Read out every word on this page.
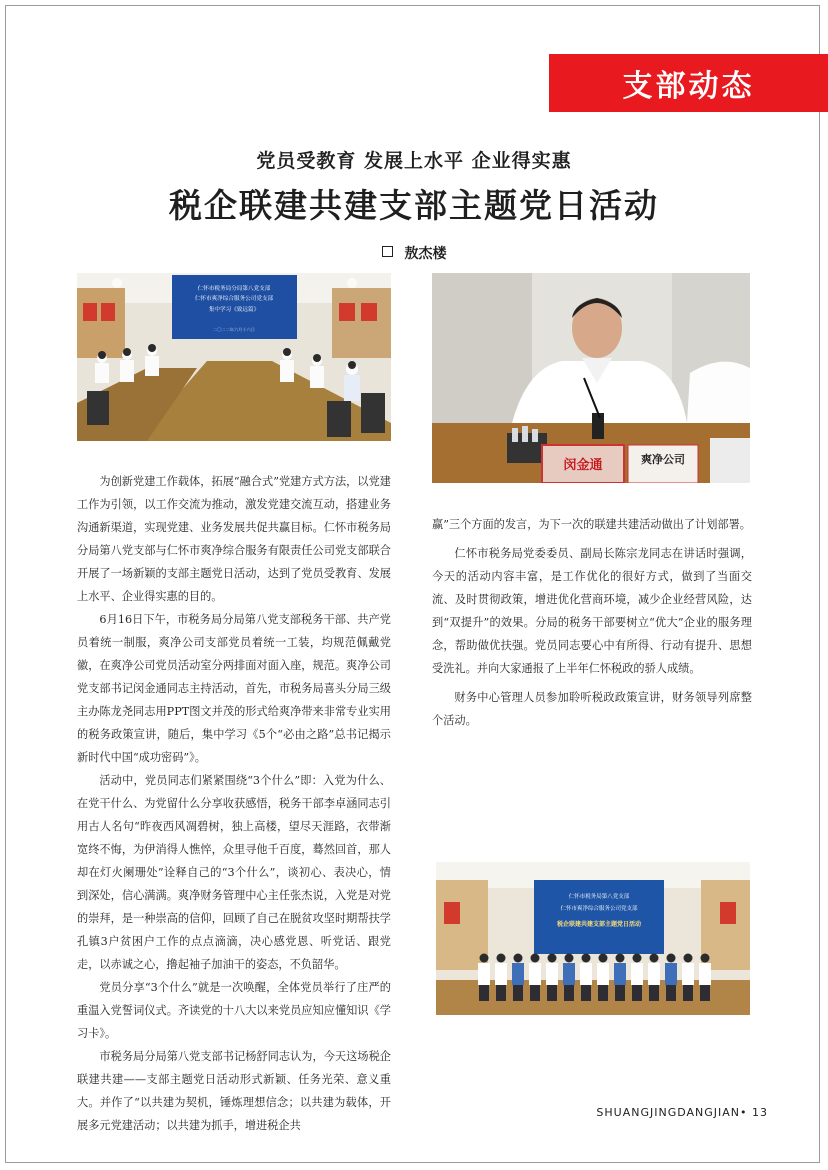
支部动态
党员受教育 发展上水平 企业得实惠
税企联建共建支部主题党日活动
敖杰楼
仁怀市税务局分局第八党支部
仁怀市爽净综合服务公司党支部
集中学习《致远篇》
二〇二二年六月十六日
闵金通	爽净公司
仁怀市税务局第八党支部
仁怀市爽净综合服务公司党支部
税企联建共建支部主题党日活动

为创新党建工作载体，拓展“融合式”党建方式方法，以党建工作为引领，以工作交流为推动，激发党建交流互动，搭建业务沟通新渠道，实现党建、业务发展共促共赢目标。仁怀市税务局分局第八党支部与仁怀市爽净综合服务有限责任公司党支部联合开展了一场新颖的支部主题党日活动，达到了党员受教育、发展上水平、企业得实惠的目的。

6月16日下午，市税务局分局第八党支部税务干部、共产党员着统一制服，爽净公司支部党员着统一工装，均规范佩戴党徽，在爽净公司党员活动室分两排面对面入座，规范。爽净公司党支部书记闵金通同志主持活动，首先，市税务局喜头分局三级主办陈龙尧同志用PPT图文并茂的形式给爽净带来非常专业实用的税务政策宣讲，随后，集中学习《5个“必由之路”总书记揭示新时代中国“成功密码”》。

活动中，党员同志们紧紧围绕“3个什么”即：入党为什么、在党干什么、为党留什么分享收获感悟，税务干部李卓涵同志引用古人名句“昨夜西风凋碧树，独上高楼，望尽天涯路，衣带渐宽终不悔，为伊消得人憔悴，众里寻他千百度，蓦然回首，那人却在灯火阑珊处”诠释自己的“3个什么”，谈初心、表决心，情到深处，信心满满。爽净财务管理中心主任张杰说，入党是对党的崇拜，是一种崇高的信仰，回顾了自己在脱贫攻坚时期帮扶学孔镇3户贫困户工作的点点滴滴，决心感党恩、听党话、跟党走，以赤诚之心，撸起袖子加油干的姿态，不负韶华。

党员分享“3个什么”就是一次唤醒，全体党员举行了庄严的重温入党誓词仪式。齐读党的十八大以来党员应知应懂知识《学习卡》。

市税务局分局第八党支部书记杨舒同志认为，今天这场税企联建共建——支部主题党日活动形式新颖、任务光荣、意义重大。并作了“以共建为契机，锤炼理想信念；以共建为载体，开展多元党建活动；以共建为抓手，增进税企共

赢”三个方面的发言，为下一次的联建共建活动做出了计划部署。

仁怀市税务局党委委员、副局长陈宗龙同志在讲话时强调，今天的活动内容丰富，是工作优化的很好方式，做到了当面交流、及时贯彻政策，增进优化营商环境，减少企业经营风险，达到“双提升”的效果。分局的税务干部要树立“优大”企业的服务理念，帮助做优扶强。党员同志要心中有所得、行动有提升、思想受洗礼。并向大家通报了上半年仁怀税政的骄人成绩。

财务中心管理人员参加聆听税政政策宣讲，财务领导列席整个活动。

SHUANGJINGDANGJIAN• 13
